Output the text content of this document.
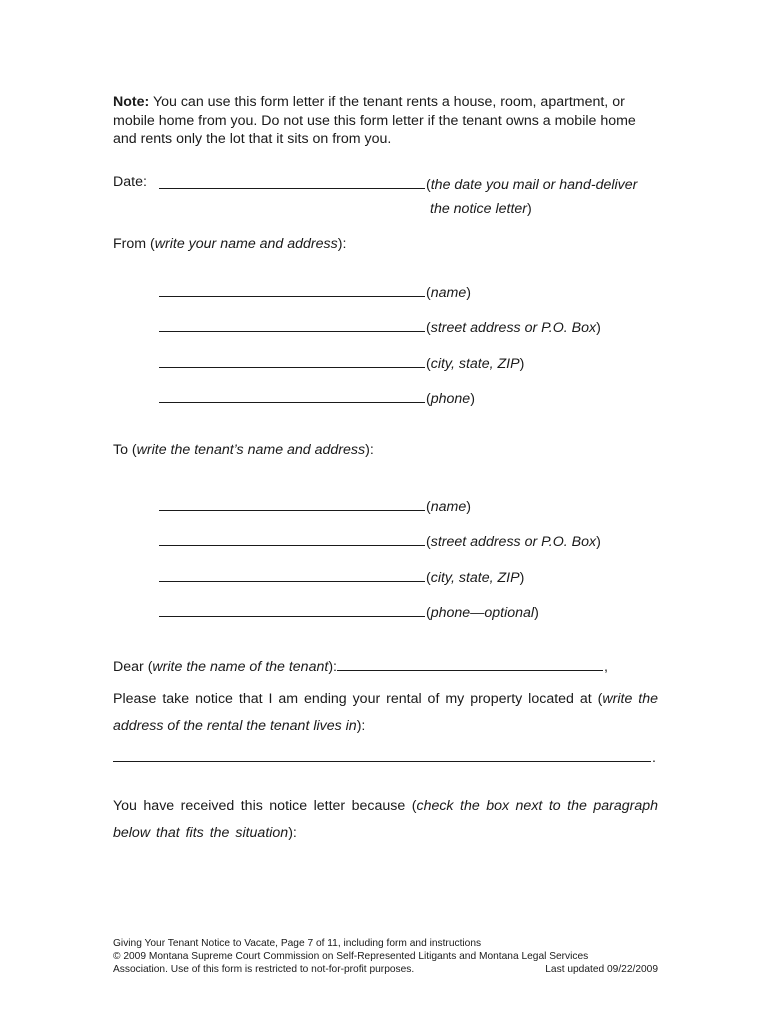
Note: You can use this form letter if the tenant rents a house, room, apartment, or mobile home from you. Do not use this form letter if the tenant owns a mobile home and rents only the lot that it sits on from you.
Date:	(the date you mail or hand-deliver
the notice letter)
From (write your name and address):
(name)
(street address or P.O. Box)
(city, state, ZIP)
(phone)
To (write the tenant’s name and address):
(name)
(street address or P.O. Box)
(city, state, ZIP)
(phone—optional)
Dear (write the name of the tenant):	,
Please take notice that I am ending your rental of my property located at (write the address of the rental the tenant lives in):
.
You have received this notice letter because (check the box next to the paragraph below that fits the situation):
Giving Your Tenant Notice to Vacate, Page 7 of 11, including form and instructions
© 2009 Montana Supreme Court Commission on Self-Represented Litigants and Montana Legal Services
Association. Use of this form is restricted to not-for-profit purposes.	Last updated 09/22/2009
